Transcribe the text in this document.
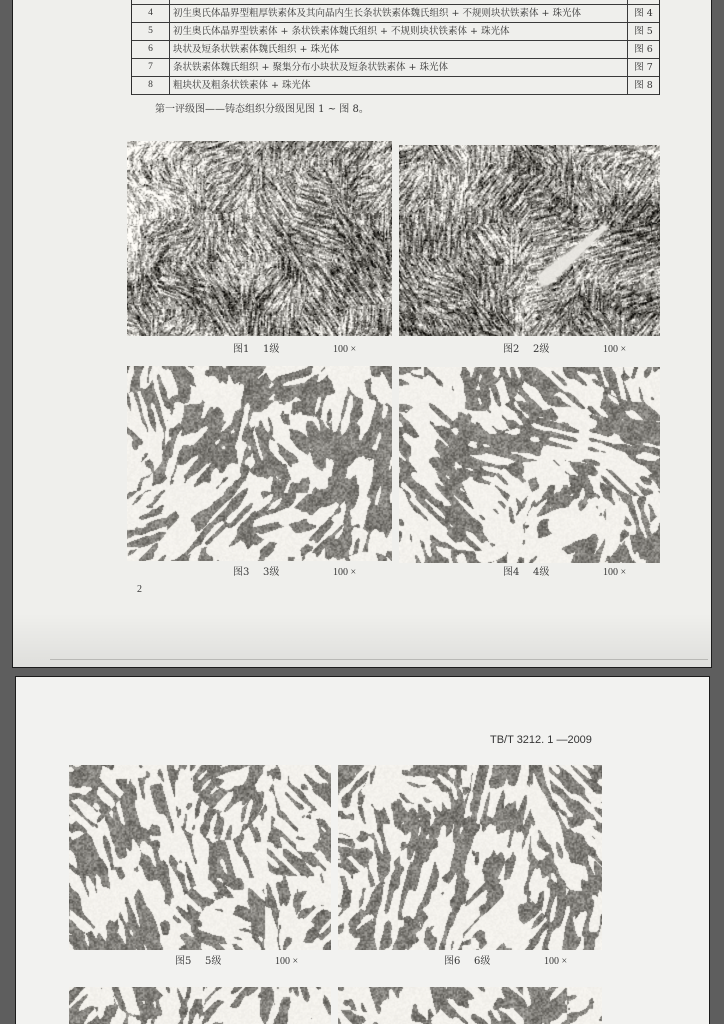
4	初生奥氏体晶界型粗厚铁素体及其向晶内生长条状铁素体魏氏组织 + 不规则块状铁素体 + 珠光体	图 4
5	初生奥氏体晶界型铁素体 + 条状铁素体魏氏组织 + 不规则块状铁素体 + 珠光体	图 5
6	块状及短条状铁素体魏氏组织 + 珠光体	图 6
7	条状铁素体魏氏组织 + 聚集分布小块状及短条状铁素体 + 珠光体	图 7
8	粗块状及粗条状铁素体 + 珠光体	图 8
第一评级图——铸态组织分级图见图 1 ~ 图 8。
图1 1级	100 ×	图2 2级	100 ×
图3 3级	100 ×	图4 4级	100 ×
2
TB/T 3212. 1 —2009
图5 5级	100 ×	图6 6级	100 ×
